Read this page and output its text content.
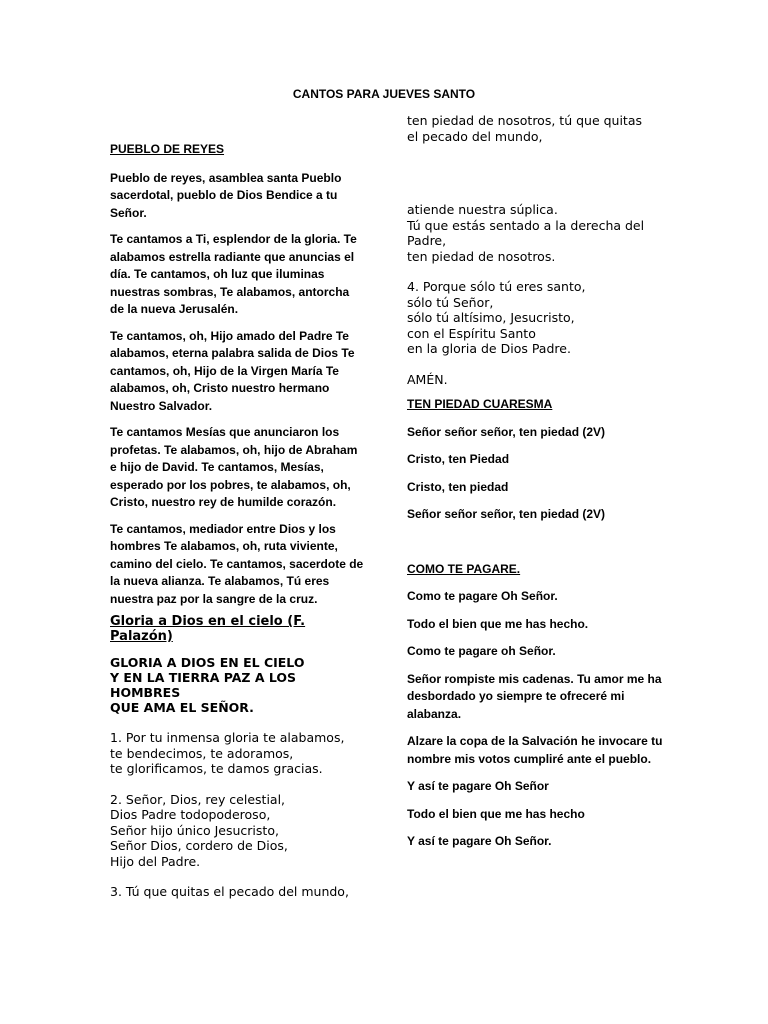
CANTOS PARA JUEVES SANTO

PUEBLO DE REYES

Pueblo de reyes, asamblea santa Pueblo sacerdotal, pueblo de Dios Bendice a tu Señor.

Te cantamos a Ti, esplendor de la gloria. Te alabamos estrella radiante que anuncias el día. Te cantamos, oh luz que iluminas nuestras sombras, Te alabamos, antorcha de la nueva Jerusalén.

Te cantamos, oh, Hijo amado del Padre Te alabamos, eterna palabra salida de Dios Te cantamos, oh, Hijo de la Virgen María Te alabamos, oh, Cristo nuestro hermano Nuestro Salvador.

Te cantamos Mesías que anunciaron los profetas. Te alabamos, oh, hijo de Abraham e hijo de David. Te cantamos, Mesías, esperado por los pobres, te alabamos, oh, Cristo, nuestro rey de humilde corazón.

Te cantamos, mediador entre Dios y los hombres Te alabamos, oh, ruta viviente, camino del cielo. Te cantamos, sacerdote de la nueva alianza. Te alabamos, Tú eres nuestra paz por la sangre de la cruz.

Gloria a Dios en el cielo (F. Palazón)

GLORIA A DIOS EN EL CIELO
Y EN LA TIERRA PAZ A LOS HOMBRES
QUE AMA EL SEÑOR.

1. Por tu inmensa gloria te alabamos,
te bendecimos, te adoramos,
te glorificamos, te damos gracias.

2. Señor, Dios, rey celestial,
Dios Padre todopoderoso,
Señor hijo único Jesucristo,
Señor Dios, cordero de Dios,
Hijo del Padre.

3. Tú que quitas el pecado del mundo,

ten piedad de nosotros, tú que quitas
el pecado del mundo,

atiende nuestra súplica.
Tú que estás sentado a la derecha del Padre,
ten piedad de nosotros.

4. Porque sólo tú eres santo,
sólo tú Señor,
sólo tú altísimo, Jesucristo,
con el Espíritu Santo
en la gloria de Dios Padre.

AMÉN.

TEN PIEDAD CUARESMA

Señor señor señor, ten piedad (2V)

Cristo, ten Piedad

Cristo, ten piedad

Señor señor señor, ten piedad (2V)

COMO TE PAGARE.

Como te pagare Oh Señor.

Todo el bien que me has hecho.

Como te pagare oh Señor.

Señor rompiste mis cadenas. Tu amor me ha desbordado yo siempre te ofreceré mi alabanza.

Alzare la copa de la Salvación he invocare tu nombre mis votos cumpliré ante el pueblo.

Y así te pagare Oh Señor

Todo el bien que me has hecho

Y así te pagare Oh Señor.
